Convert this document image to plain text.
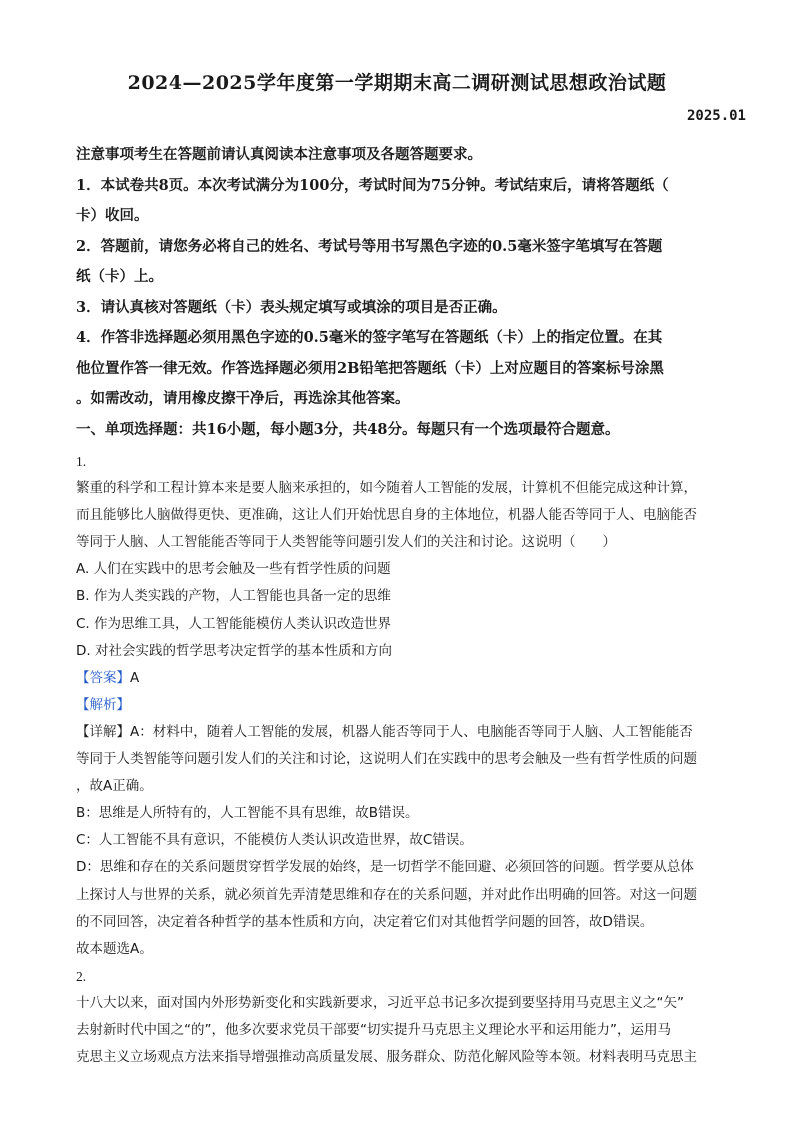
2024—2025学年度第一学期期末高二调研测试思想政治试题
2025.01

注意事项考生在答题前请认真阅读本注意事项及各题答题要求。

1．本试卷共8页。本次考试满分为100分，考试时间为75分钟。考试结束后，请将答题纸（

卡）收回。

2．答题前，请您务必将自己的姓名、考试号等用书写黑色字迹的0.5毫米签字笔填写在答题

纸（卡）上。

3．请认真核对答题纸（卡）表头规定填写或填涂的项目是否正确。

4．作答非选择题必须用黑色字迹的0.5毫米的签字笔写在答题纸（卡）上的指定位置。在其

他位置作答一律无效。作答选择题必须用2B铅笔把答题纸（卡）上对应题目的答案标号涂黑

。如需改动，请用橡皮擦干净后，再选涂其他答案。

一、单项选择题：共16小题，每小题3分，共48分。每题只有一个选项最符合题意。

1.

繁重的科学和工程计算本来是要人脑来承担的，如今随着人工智能的发展，计算机不但能完成这种计算，

而且能够比人脑做得更快、更准确，这让人们开始忧思自身的主体地位，机器人能否等同于人、电脑能否

等同于人脑、人工智能能否等同于人类智能等问题引发人们的关注和讨论。这说明（　　）

A. 人们在实践中的思考会触及一些有哲学性质的问题

B. 作为人类实践的产物，人工智能也具备一定的思维

C. 作为思维工具，人工智能能模仿人类认识改造世界

D. 对社会实践的哲学思考决定哲学的基本性质和方向

【答案】A

【解析】

【详解】A：材料中，随着人工智能的发展，机器人能否等同于人、电脑能否等同于人脑、人工智能能否

等同于人类智能等问题引发人们的关注和讨论，这说明人们在实践中的思考会触及一些有哲学性质的问题

，故A正确。

B：思维是人所特有的，人工智能不具有思维，故B错误。

C：人工智能不具有意识，不能模仿人类认识改造世界，故C错误。

D：思维和存在的关系问题贯穿哲学发展的始终，是一切哲学不能回避、必须回答的问题。哲学要从总体

上探讨人与世界的关系，就必须首先弄清楚思维和存在的关系问题，并对此作出明确的回答。对这一问题

的不同回答，决定着各种哲学的基本性质和方向，决定着它们对其他哲学问题的回答，故D错误。

故本题选A。

2.

十八大以来，面对国内外形势新变化和实践新要求，习近平总书记多次提到要坚持用马克思主义之“矢”

去射新时代中国之“的”，他多次要求党员干部要“切实提升马克思主义理论水平和运用能力”，运用马

克思主义立场观点方法来指导增强推动高质量发展、服务群众、防范化解风险等本领。材料表明马克思主
